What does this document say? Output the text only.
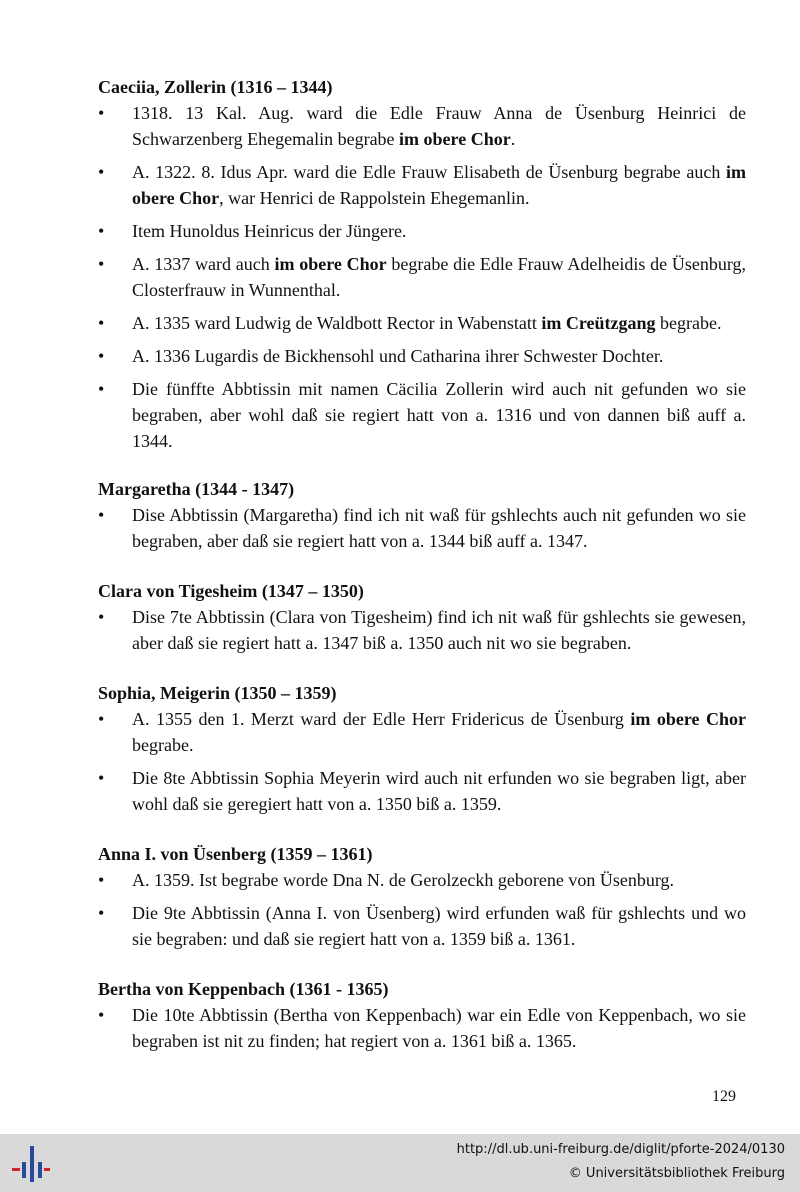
Caeciia, Zollerin (1316 – 1344)
•	1318. 13 Kal. Aug. ward die Edle Frauw Anna de Üsenburg Heinrici de Schwarzenberg Ehegemalin begrabe im obere Chor.
•	A. 1322. 8. Idus Apr. ward die Edle Frauw Elisabeth de Üsenburg begrabe auch im obere Chor, war Henrici de Rappolstein Ehegemanlin.
•	Item Hunoldus Heinricus der Jüngere.
•	A. 1337 ward auch im obere Chor begrabe die Edle Frauw Adelheidis de Üsenburg, Closterfrauw in Wunnenthal.
•	A. 1335 ward Ludwig de Waldbott Rector in Wabenstatt im Creützgang begrabe.
•	A. 1336 Lugardis de Bickhensohl und Catharina ihrer Schwester Dochter.
•	Die fünffte Abbtissin mit namen Cäcilia Zollerin wird auch nit gefunden wo sie begraben, aber wohl daß sie regiert hatt von a. 1316 und von dannen biß auff a. 1344.
Margaretha (1344 - 1347)
•	Dise Abbtissin (Margaretha) find ich nit waß für gshlechts auch nit gefunden wo sie begraben, aber daß sie regiert hatt von a. 1344 biß auff a. 1347.
Clara von Tigesheim (1347 – 1350)
•	Dise 7te Abbtissin (Clara von Tigesheim) find ich nit waß für gshlechts sie gewesen, aber daß sie regiert hatt a. 1347 biß a. 1350 auch nit wo sie begraben.
Sophia, Meigerin (1350 – 1359)
•	A. 1355 den 1. Merzt ward der Edle Herr Fridericus de Üsenburg im obere Chor begrabe.
•	Die 8te Abbtissin Sophia Meyerin wird auch nit erfunden wo sie begraben ligt, aber wohl daß sie geregiert hatt von a. 1350 biß a. 1359.
Anna I. von Üsenberg (1359 – 1361)
•	A. 1359. Ist begrabe worde Dna N. de Gerolzeckh geborene von Üsenburg.
•	Die 9te Abbtissin (Anna I. von Üsenberg) wird erfunden waß für gshlechts und wo sie begraben: und daß sie regiert hatt von a. 1359 biß a. 1361.
Bertha von Keppenbach (1361 - 1365)
•	Die 10te Abbtissin (Bertha von Keppenbach) war ein Edle von Keppenbach, wo sie begraben ist nit zu finden; hat regiert von a. 1361 biß a. 1365.
129
http://dl.ub.uni-freiburg.de/diglit/pforte-2024/0130
© Universitätsbibliothek Freiburg
